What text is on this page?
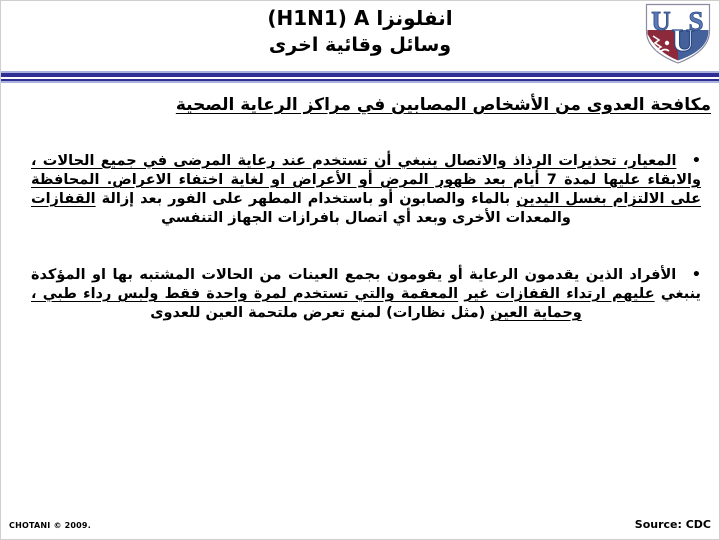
انفلونزا (H1N1) A
وسائل وقائية اخرى	U
U S
مكافحة العدوى من الأشخاص المصابين في مراكز الرعاية الصحية
• المعيار، تحذيرات الرذاذ والاتصال ينبغي أن تستخدم عند رعاية المرضى في جميع الحالات ، والابقاء عليها لمدة 7 أيام بعد ظهور المرض أو الأعراض او لغاية اختفاء الاعراض. المحافظة على الالتزام بغسل اليدين بالماء والصابون أو باستخدام المطهر على الفور بعد إزالة القفازات والمعدات الأخرى وبعد أي اتصال بافرازات الجهاز التنفسي
• الأفراد الذين يقدمون الرعاية أو يقومون بجمع العينات من الحالات المشتبه بها او المؤكدة ينبغي عليهم ارتداء القفازات غير المعقمة والتي تستخدم لمرة واحدة فقط ولبس رداء طبي ، وحماية العين (مثل نظارات) لمنع تعرض ملتحمة العين للعدوى
CHOTANI © 2009.	Source: CDC
